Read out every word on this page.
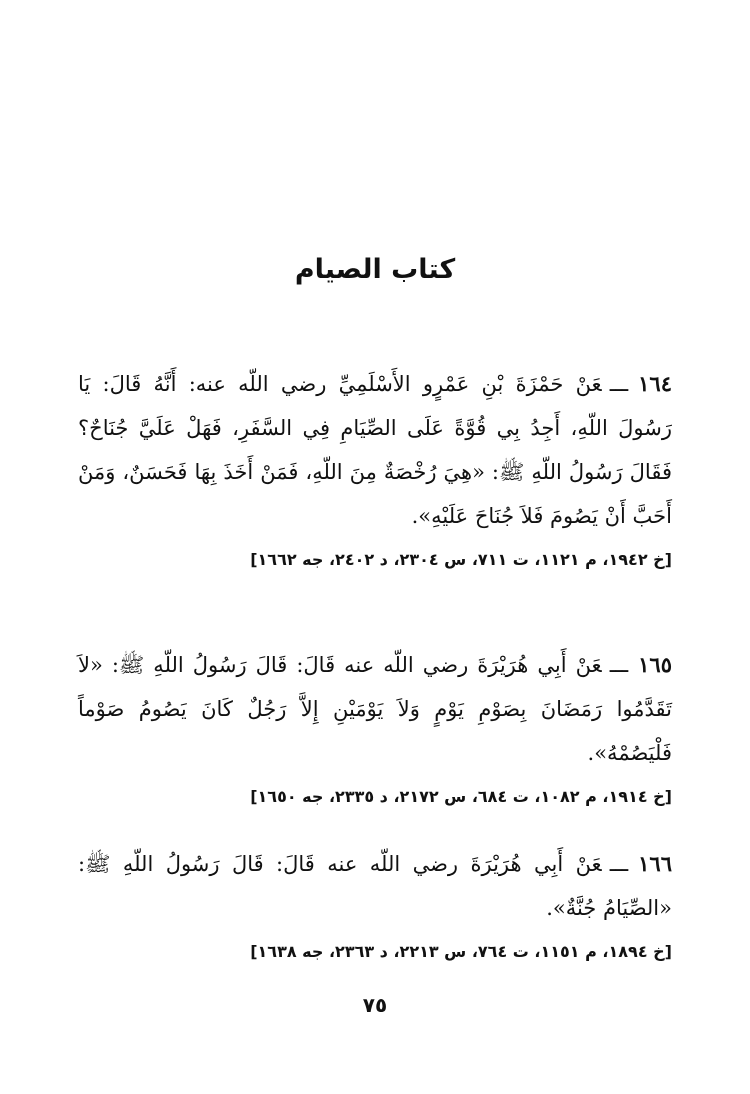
كتاب الصيام

١٦٤ـــعَنْ حَمْزَةَ بْنِ عَمْرٍو الأَسْلَمِيِّ رضي اللّه عنه: أَنَّهُ قَالَ: يَا رَسُولَ اللّهِ، أَجِدُ بِي قُوَّةً عَلَى الصِّيَامِ فِي السَّفَرِ، فَهَلْ عَلَيَّ جُنَاحٌ؟ فَقَالَ رَسُولُ اللّهِ ﷺ: «هِيَ رُخْصَةٌ مِنَ اللّهِ، فَمَنْ أَخَذَ بِهَا فَحَسَنٌ، وَمَنْ أَحَبَّ أَنْ يَصُومَ فَلاَ جُنَاحَ عَلَيْهِ».

[خ ١٩٤٢، م ١١٢١، ت ٧١١، س ٢٣٠٤، د ٢٤٠٢، جه ١٦٦٢]

١٦٥ـــعَنْ أَبِي هُرَيْرَةَ رضي اللّه عنه قَالَ: قَالَ رَسُولُ اللّهِ ﷺ: «لاَ تَقَدَّمُوا رَمَضَانَ بِصَوْمِ يَوْمٍ وَلاَ يَوْمَيْنِ إِلاَّ رَجُلٌ كَانَ يَصُومُ صَوْماً فَلْيَصُمْهُ».

[خ ١٩١٤، م ١٠٨٢، ت ٦٨٤، س ٢١٧٢، د ٢٣٣٥، جه ١٦٥٠]

١٦٦ـــعَنْ أَبِي هُرَيْرَةَ رضي اللّه عنه قَالَ: قَالَ رَسُولُ اللّهِ ﷺ: «الصِّيَامُ جُنَّةٌ».

[خ ١٨٩٤، م ١١٥١، ت ٧٦٤، س ٢٢١٣، د ٢٣٦٣، جه ١٦٣٨]

٧٥
